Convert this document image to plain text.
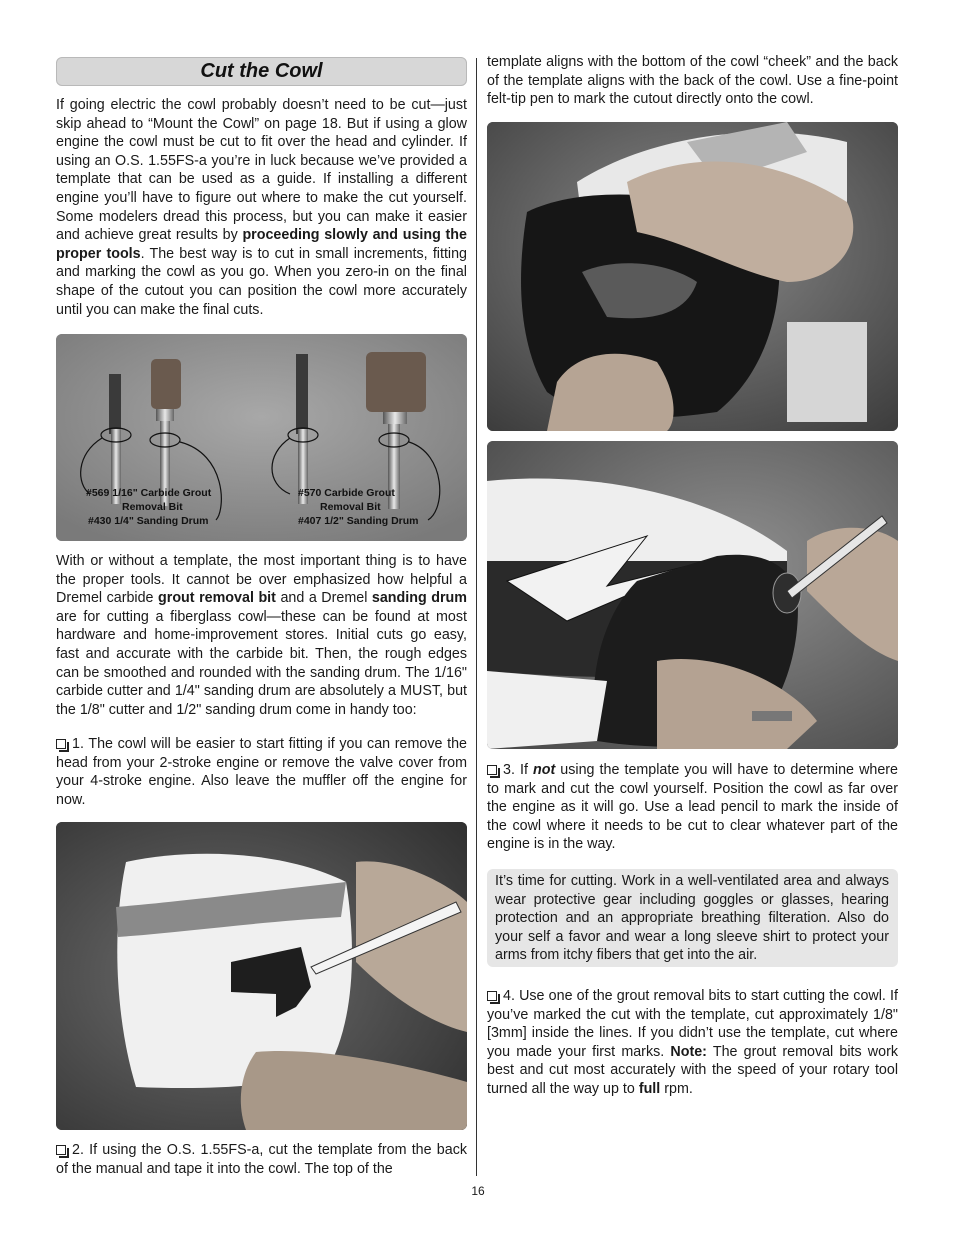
Cut the Cowl

If going electric the cowl probably doesn’t need to be cut—just skip ahead to “Mount the Cowl” on page 18. But if using a glow engine the cowl must be cut to fit over the head and cylinder. If using an O.S. 1.55FS-a you’re in luck because we’ve provided a template that can be used as a guide. If installing a different engine you’ll have to figure out where to make the cut yourself. Some modelers dread this process, but you can make it easier and achieve great results by proceeding slowly and using the proper tools. The best way is to cut in small increments, fitting and marking the cowl as you go. When you zero-in on the final shape of the cutout you can position the cowl more accurately until you can make the final cuts.

#569 1/16" Carbide Grout
Removal Bit
#430 1/4" Sanding Drum
#570 Carbide Grout
Removal Bit
#407 1/2" Sanding Drum

With or without a template, the most important thing is to have the proper tools. It cannot be over emphasized how helpful a Dremel carbide grout removal bit and a Dremel sanding drum are for cutting a fiberglass cowl—these can be found at most hardware and home-improvement stores. Initial cuts go easy, fast and accurate with the carbide bit. Then, the rough edges can be smoothed and rounded with the sanding drum. The 1/16" carbide cutter and 1/4" sanding drum are absolutely a MUST, but the 1/8" cutter and 1/2" sanding drum come in handy too:

1. The cowl will be easier to start fitting if you can remove the head from your 2-stroke engine or remove the valve cover from your 4-stroke engine. Also leave the muffler off the engine for now.

2. If using the O.S. 1.55FS-a, cut the template from the back of the manual and tape it into the cowl. The top of the

template aligns with the bottom of the cowl “cheek” and the back of the template aligns with the back of the cowl. Use a fine-point felt-tip pen to mark the cutout directly onto the cowl.

3. If not using the template you will have to determine where to mark and cut the cowl yourself. Position the cowl as far over the engine as it will go. Use a lead pencil to mark the inside of the cowl where it needs to be cut to clear whatever part of the engine is in the way.

It’s time for cutting. Work in a well-ventilated area and always wear protective gear including goggles or glasses, hearing protection and an appropriate breathing filteration. Also do your self a favor and wear a long sleeve shirt to protect your arms from itchy fibers that get into the air.

4. Use one of the grout removal bits to start cutting the cowl. If you’ve marked the cut with the template, cut approximately 1/8" [3mm] inside the lines. If you didn’t use the template, cut where you made your first marks. Note: The grout removal bits work best and cut most accurately with the speed of your rotary tool turned all the way up to full rpm.

16
